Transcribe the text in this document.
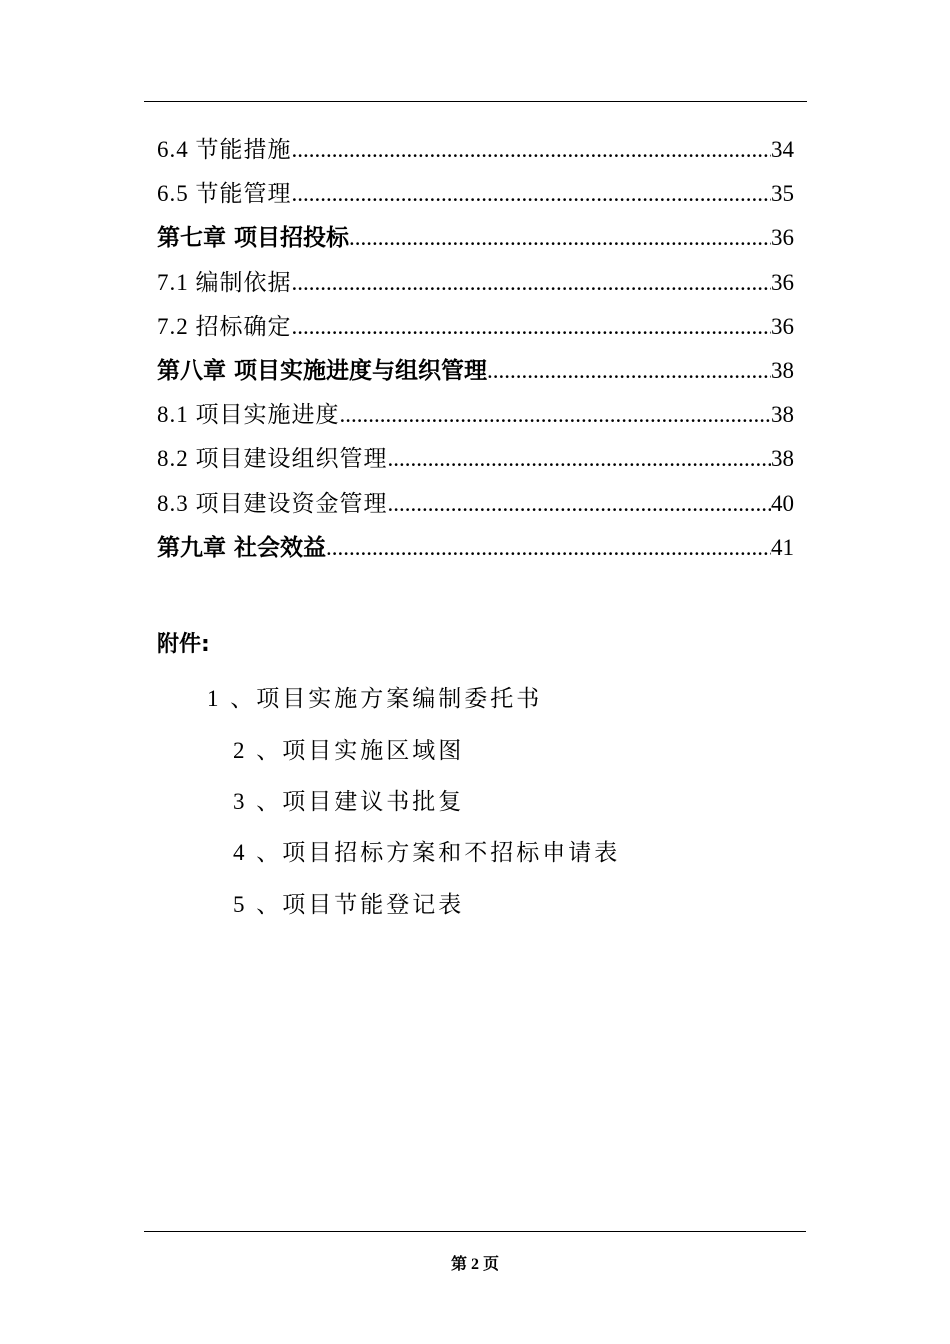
6.4 节能措施 .....	34
6.5 节能管理 .....	35
第七章 项目招投标 .....	36
7.1 编制依据 .....	36
7.2 招标确定 .....	36
第八章 项目实施进度与组织管理 .....	38
8.1 项目实施进度 .....	38
8.2 项目建设组织管理 .....	38
8.3 项目建设资金管理 .....	40
第九章 社会效益 .....	41
附件:
1 、项目实施方案编制委托书
2 、项目实施区域图
3 、项目建议书批复
4 、项目招标方案和不招标申请表
5 、项目节能登记表
第 2 页
